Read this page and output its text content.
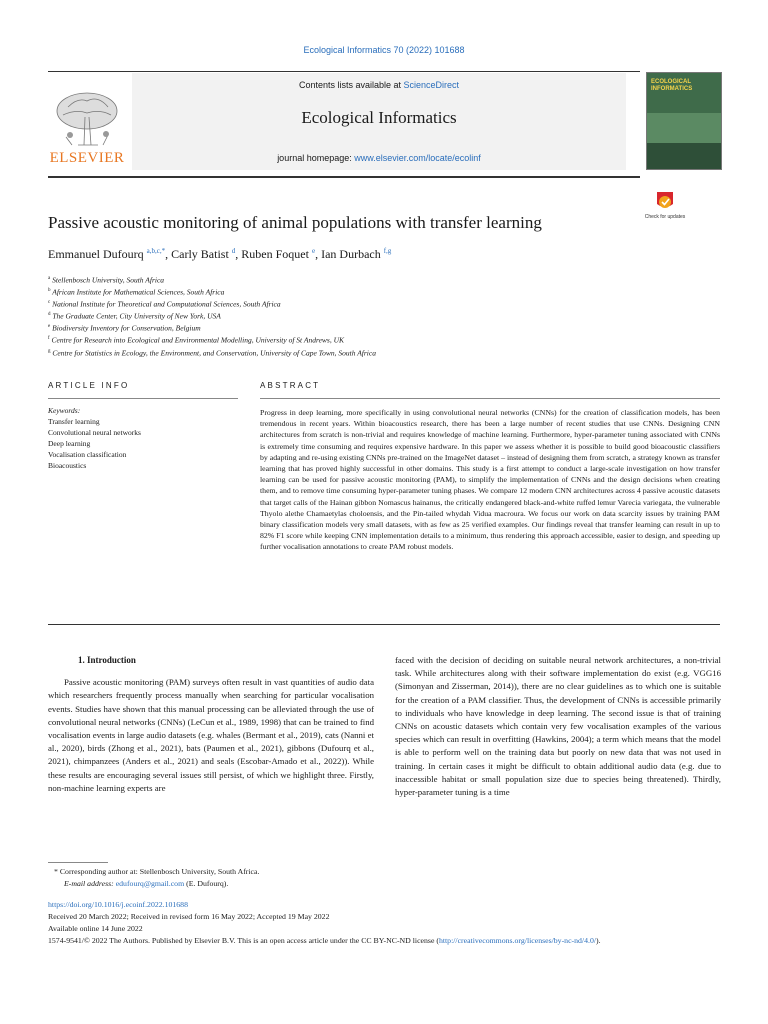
Ecological Informatics 70 (2022) 101688
ELSEVIER
Contents lists available at ScienceDirect
Ecological Informatics
journal homepage: www.elsevier.com/locate/ecolinf
ECOLOGICAL INFORMATICS
Check for updates
Passive acoustic monitoring of animal populations with transfer learning
Emmanuel Dufourq $^{a,b,c,*}$, Carly Batist $^d$, Ruben Foquet $^e$, Ian Durbach $^{f,g}$
$^a$ Stellenbosch University, South Africa
$^b$ African Institute for Mathematical Sciences, South Africa
$^c$ National Institute for Theoretical and Computational Sciences, South Africa
$^d$ The Graduate Center, City University of New York, USA
$^e$ Biodiversity Inventory for Conservation, Belgium
$^f$ Centre for Research into Ecological and Environmental Modelling, University of St Andrews, UK
$^g$ Centre for Statistics in Ecology, the Environment, and Conservation, University of Cape Town, South Africa
ARTICLE INFO	ABSTRACT
Keywords:
Transfer learning
Convolutional neural networks
Deep learning
Vocalisation classification
Bioacoustics
Progress in deep learning, more specifically in using convolutional neural networks (CNNs) for the creation of classification models, has been tremendous in recent years. Within bioacoustics research, there has been a large number of recent studies that use CNNs. Designing CNN architectures from scratch is non-trivial and requires knowledge of machine learning. Furthermore, hyper-parameter tuning associated with CNNs is extremely time consuming and requires expensive hardware. In this paper we assess whether it is possible to build good bioacoustic classifiers by adapting and re-using existing CNNs pre-trained on the ImageNet dataset – instead of designing them from scratch, a strategy known as transfer learning that has proved highly successful in other domains. This study is a first attempt to conduct a large-scale investigation on how transfer learning can be used for passive acoustic monitoring (PAM), to simplify the implementation of CNNs and the design decisions when creating them, and to remove time consuming hyper-parameter tuning phases. We compare 12 modern CNN architectures across 4 passive acoustic datasets that target calls of the Hainan gibbon Nomascus hainanus, the critically endangered black-and-white ruffed lemur Varecia variegata, the vulnerable Thyolo alethe Chamaetylas choloensis, and the Pin-tailed whydah Vidua macroura. We focus our work on data scarcity issues by training PAM binary classification models very small datasets, with as few as 25 verified examples. Our findings reveal that transfer learning can result in up to 82% F1 score while keeping CNN implementation details to a minimum, thus rendering this approach accessible, easier to design, and speeding up further vocalisation annotations to create PAM robust models.
1. Introduction
Passive acoustic monitoring (PAM) surveys often result in vast quantities of audio data which researchers frequently process manually when searching for particular vocalisation events. Studies have shown that this manual processing can be alleviated through the use of convolutional neural networks (CNNs) (LeCun et al., 1989, 1998) that can be trained to find vocalisation events in large audio datasets (e.g. whales (Bermant et al., 2019), cats (Nanni et al., 2020), birds (Zhong et al., 2021), bats (Paumen et al., 2021), gibbons (Dufourq et al., 2021), chimpanzees (Anders et al., 2021) and seals (Escobar-Amado et al., 2022)). While these results are encouraging several issues still persist, of which we highlight three. Firstly, non-machine learning experts are
faced with the decision of deciding on suitable neural network architectures, a non-trivial task. While architectures along with their software implementation do exist (e.g. VGG16 (Simonyan and Zisserman, 2014)), there are no clear guidelines as to which one is suitable for the creation of a PAM classifier. Thus, the development of CNNs is accessible primarily to individuals who have knowledge in deep learning. The second issue is that of training CNNs on acoustic datasets which contain very few vocalisation examples of the various species which can result in overfitting (Hawkins, 2004); a term which means that the model is able to perform well on the training data but poorly on new data that was not used in training. In certain cases it might be difficult to obtain additional audio data (e.g. due to inaccessible habitat or small population size due to species being threatened). Thirdly, hyper-parameter tuning is a time
* Corresponding author at: Stellenbosch University, South Africa.
E-mail address: edufourq@gmail.com (E. Dufourq).
https://doi.org/10.1016/j.ecoinf.2022.101688
Received 20 March 2022; Received in revised form 16 May 2022; Accepted 19 May 2022
Available online 14 June 2022
1574-9541/© 2022 The Authors. Published by Elsevier B.V. This is an open access article under the CC BY-NC-ND license (http://creativecommons.org/licenses/by-nc-nd/4.0/).
